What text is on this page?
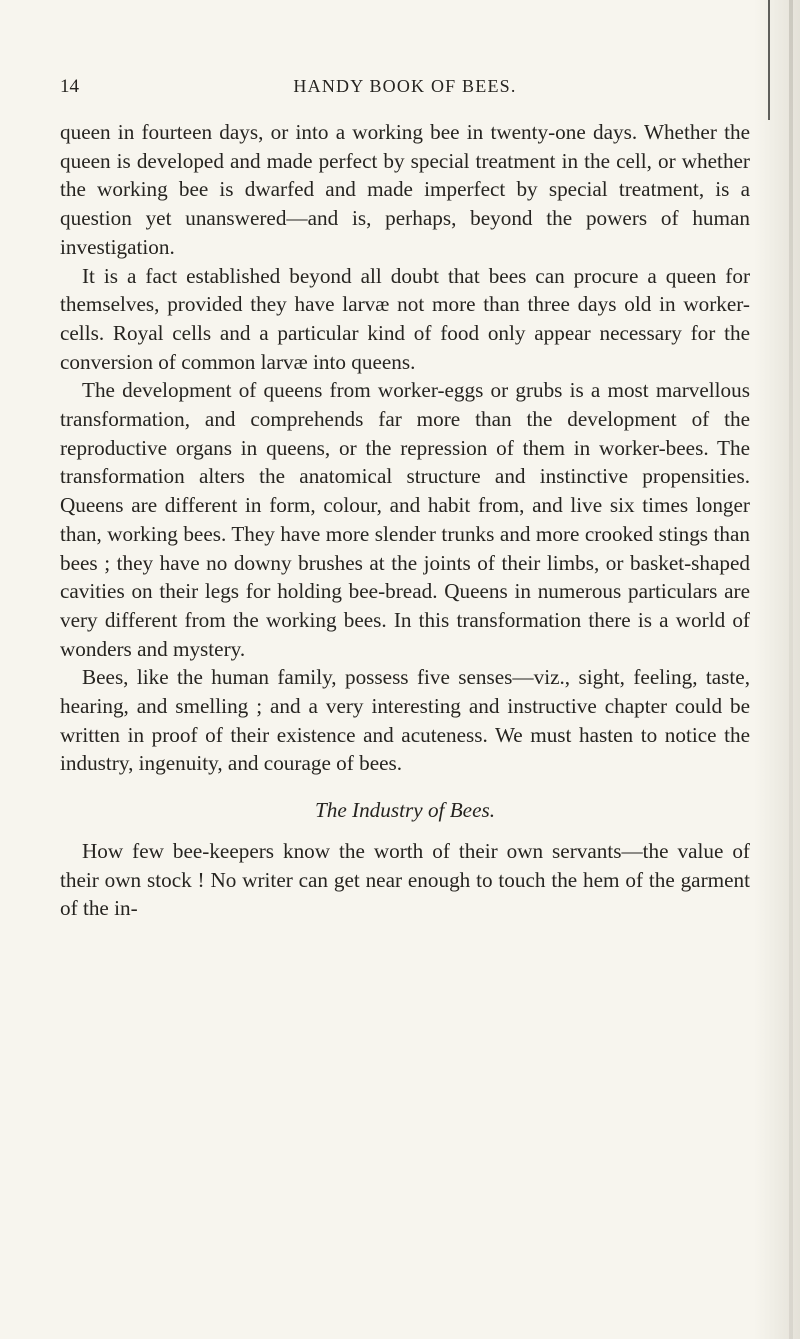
14	HANDY BOOK OF BEES.

queen in fourteen days, or into a working bee in twenty-one days. Whether the queen is developed and made perfect by special treatment in the cell, or whether the working bee is dwarfed and made imperfect by special treatment, is a question yet unanswered—and is, perhaps, beyond the powers of human investigation.

It is a fact established beyond all doubt that bees can procure a queen for themselves, provided they have larvæ not more than three days old in worker-cells. Royal cells and a particular kind of food only appear necessary for the conversion of common larvæ into queens.

The development of queens from worker-eggs or grubs is a most marvellous transformation, and comprehends far more than the development of the reproductive organs in queens, or the repression of them in worker-bees. The transformation alters the anatomical structure and instinctive propensities. Queens are different in form, colour, and habit from, and live six times longer than, working bees. They have more slender trunks and more crooked stings than bees ; they have no downy brushes at the joints of their limbs, or basket-shaped cavities on their legs for holding bee-bread. Queens in numerous particulars are very different from the working bees. In this transformation there is a world of wonders and mystery.

Bees, like the human family, possess five senses—viz., sight, feeling, taste, hearing, and smelling ; and a very interesting and instructive chapter could be written in proof of their existence and acuteness. We must hasten to notice the industry, ingenuity, and courage of bees.

The Industry of Bees.

How few bee-keepers know the worth of their own servants—the value of their own stock ! No writer can get near enough to touch the hem of the garment of the in-
